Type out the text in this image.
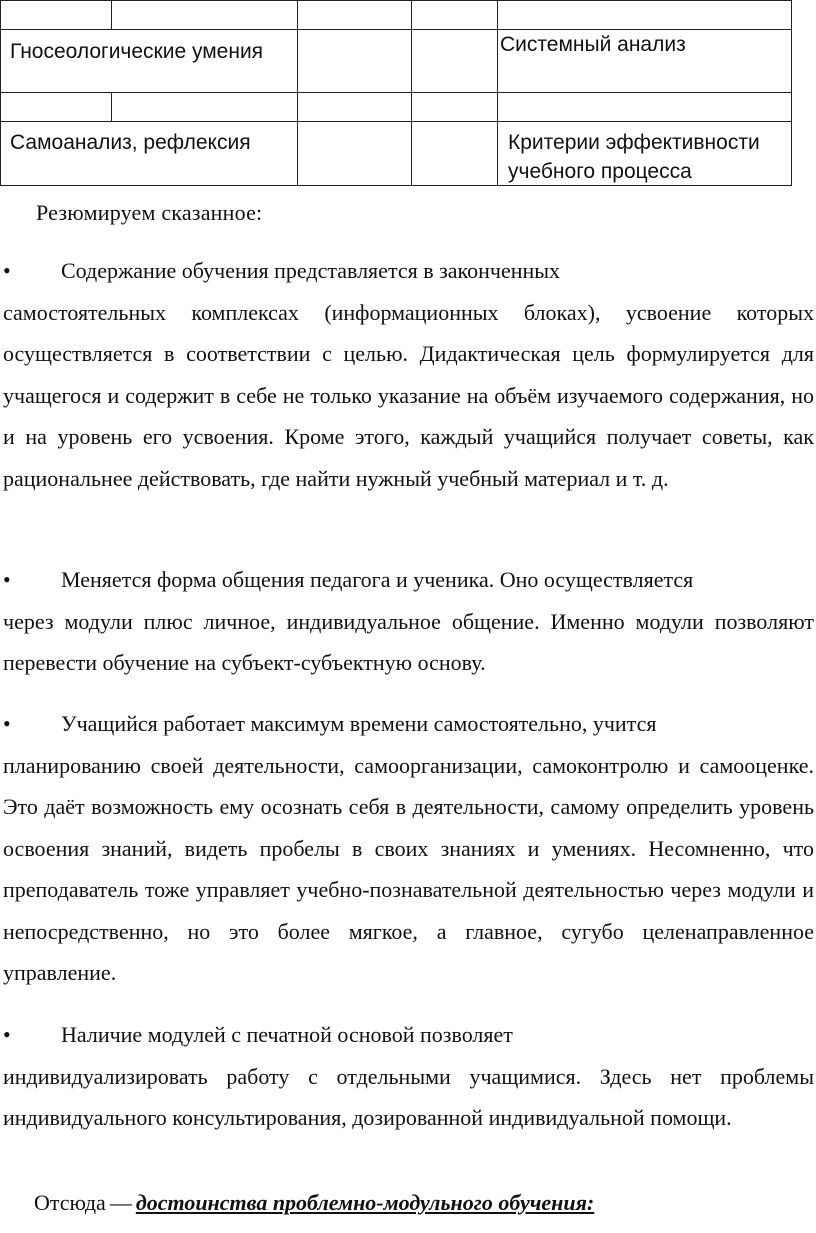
Гносеологические умения	Системный анализ
Самоанализ, рефлексия	Критерии эффективности
учебного процесса
Резюмируем сказанное:
•	Содержание обучения представляется в законченных
самостоятельных комплексах (информационных блоках), усвоение которых осуществляется в соответствии с целью. Дидактическая цель формулируется для учащегося и содержит в себе не только указание на объём изучаемого содержания, но и на уровень его усвоения. Кроме этого, каждый учащийся получает советы, как рациональнее действовать, где найти нужный учебный материал и т. д.
•	Меняется форма общения педагога и ученика. Оно осуществляется
через модули плюс личное, индивидуальное общение. Именно модули позволяют перевести обучение на субъект-субъектную основу.
•	Учащийся работает максимум времени самостоятельно, учится
планированию своей деятельности, самоорганизации, самоконтролю и самооценке. Это даёт возможность ему осознать себя в деятельности, самому определить уровень освоения знаний, видеть пробелы в своих знаниях и умениях. Несомненно, что преподаватель тоже управляет учебно-познавательной деятельностью через модули и непосредственно, но это более мягкое, а главное, сугубо целенаправленное управление.
•	Наличие модулей с печатной основой позволяет
индивидуализировать работу с отдельными учащимися. Здесь нет проблемы индивидуального консультирования, дозированной индивидуальной помощи.
Отсюда — достоинства проблемно-модульного обучения:
